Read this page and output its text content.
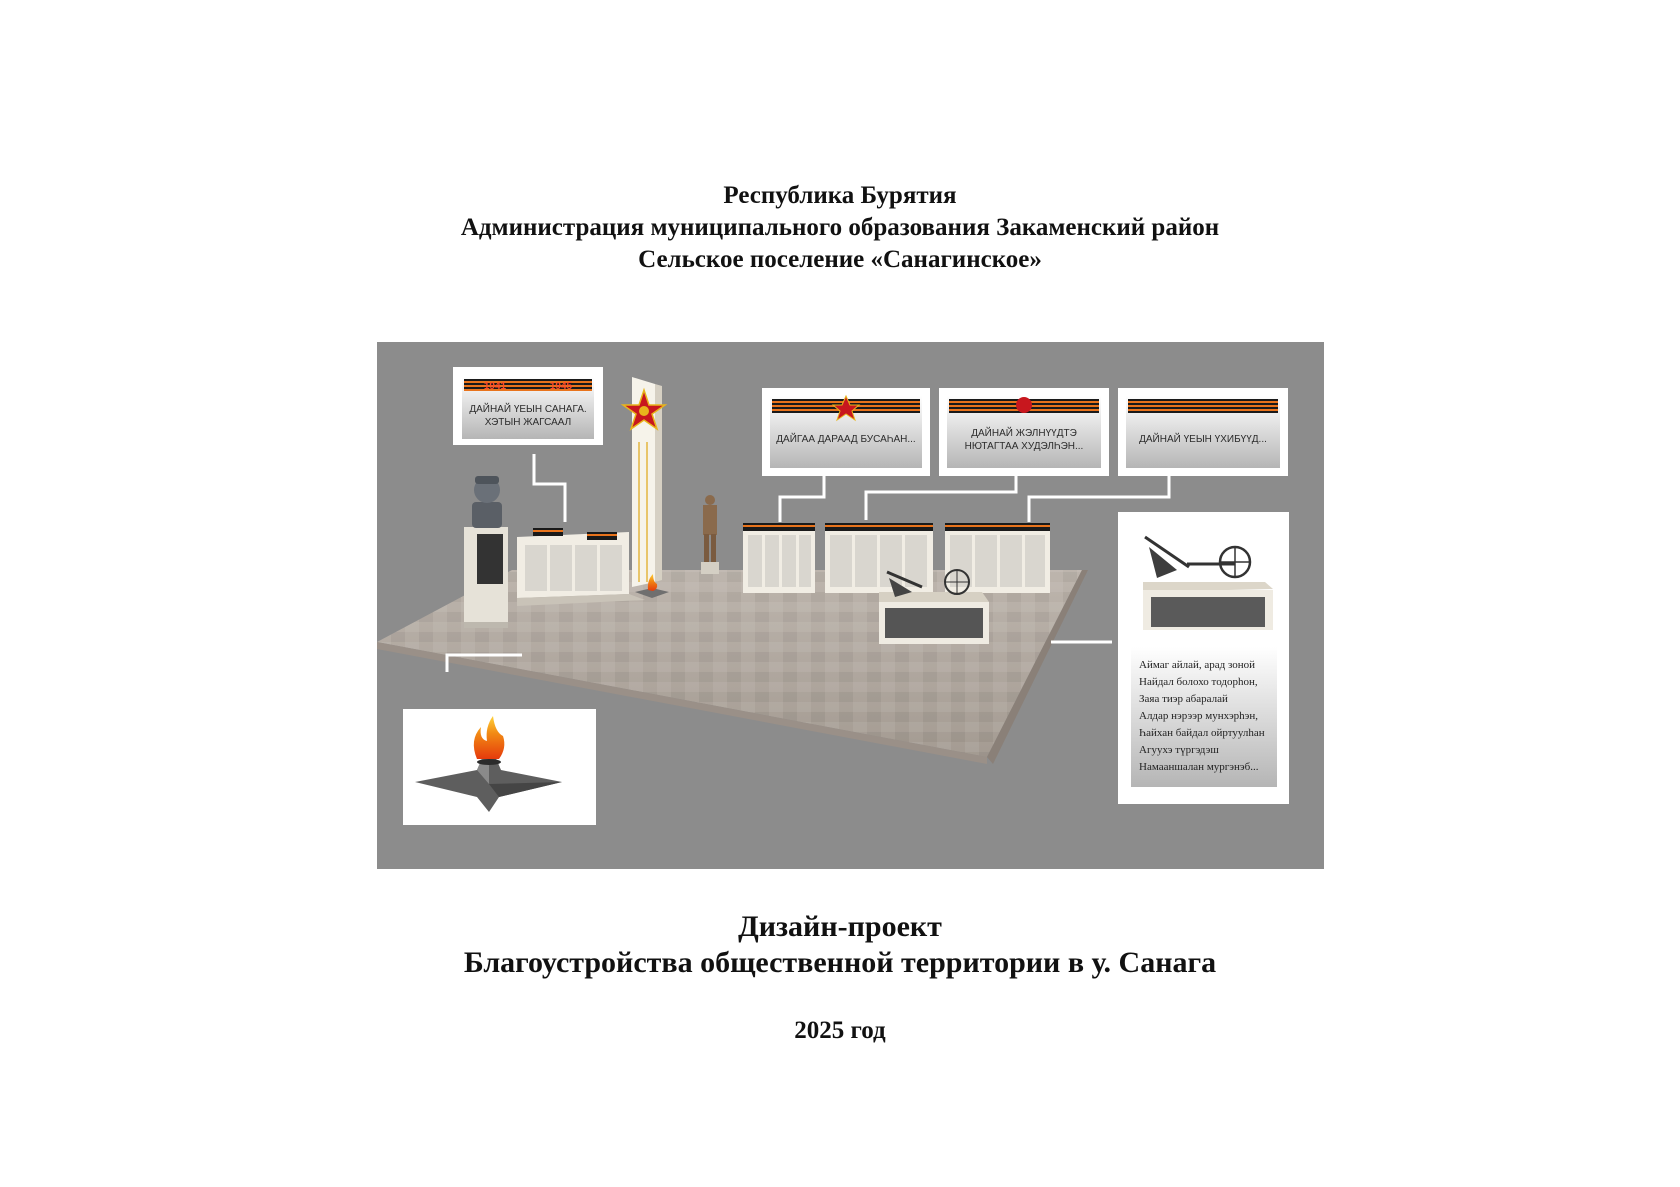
Республика Бурятия
Администрация муниципального образования Закаменский район
Сельское поселение «Санагинское»
1941	1945
ДАЙНАЙ ҮЕЫН САНАГА.
ХЭТЫН ЖАГСААЛ
ДАЙГАА ДАРААД БУСАҺАН...
ДАЙНАЙ ЖЭЛНҮҮДТЭ
НЮТАГТАА ХУДЭЛҺЭН...
ДАЙНАЙ ҮЕЫН ҮХИБҮҮД...
Аймаг айлай, арад зоной
Найдал болохо тодорһон,
Заяа тиэр абаралай
Алдар нэрээр мунхэрһэн,
Һайхан байдал ойртуулһан
Агуухэ түргэдэш
Намааншалан мургэнэб...
Дизайн-проект
Благоустройства общественной территории в у. Санага
2025 год
